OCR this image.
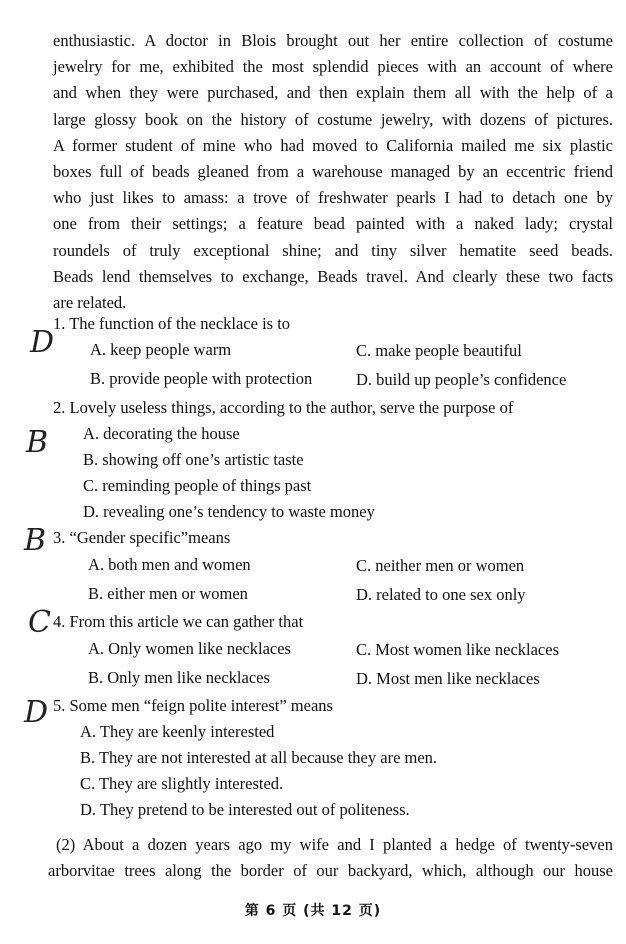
enthusiastic. A doctor in Blois brought out her entire collection of costume
jewelry for me, exhibited the most splendid pieces with an account of where
and when they were purchased, and then explain them all with the help of a
large glossy book on the history of costume jewelry, with dozens of pictures.
A former student of mine who had moved to California mailed me six plastic
boxes full of beads gleaned from a warehouse managed by an eccentric friend
who just likes to amass: a trove of freshwater pearls I had to detach one by
one from their settings; a feature bead painted with a naked lady; crystal
roundels of truly exceptional shine; and tiny silver hematite seed beads.
Beads lend themselves to exchange, Beads travel. And clearly these two facts
are related.
D
1. The function of the necklace is to
A. keep people warm	C. make people beautiful
B. provide people with protection	D. build up people’s confidence
B
2. Lovely useless things, according to the author, serve the purpose of
A. decorating the house
B. showing off one’s artistic taste
C. reminding people of things past
D. revealing one’s tendency to waste money
B 3. “Gender specific”means
A. both men and women	C. neither men or women
B. either men or women	D. related to one sex only
C 4. From this article we can gather that
A. Only women like necklaces	C. Most women like necklaces
B. Only men like necklaces	D. Most men like necklaces
D 5. Some men “feign polite interest” means
A. They are keenly interested
B. They are not interested at all because they are men.
C. They are slightly interested.
D. They pretend to be interested out of politeness.
(2) About a dozen years ago my wife and I planted a hedge of twenty-seven
arborvitae trees along the border of our backyard, which, although our house
第 6 页 (共 12 页)
